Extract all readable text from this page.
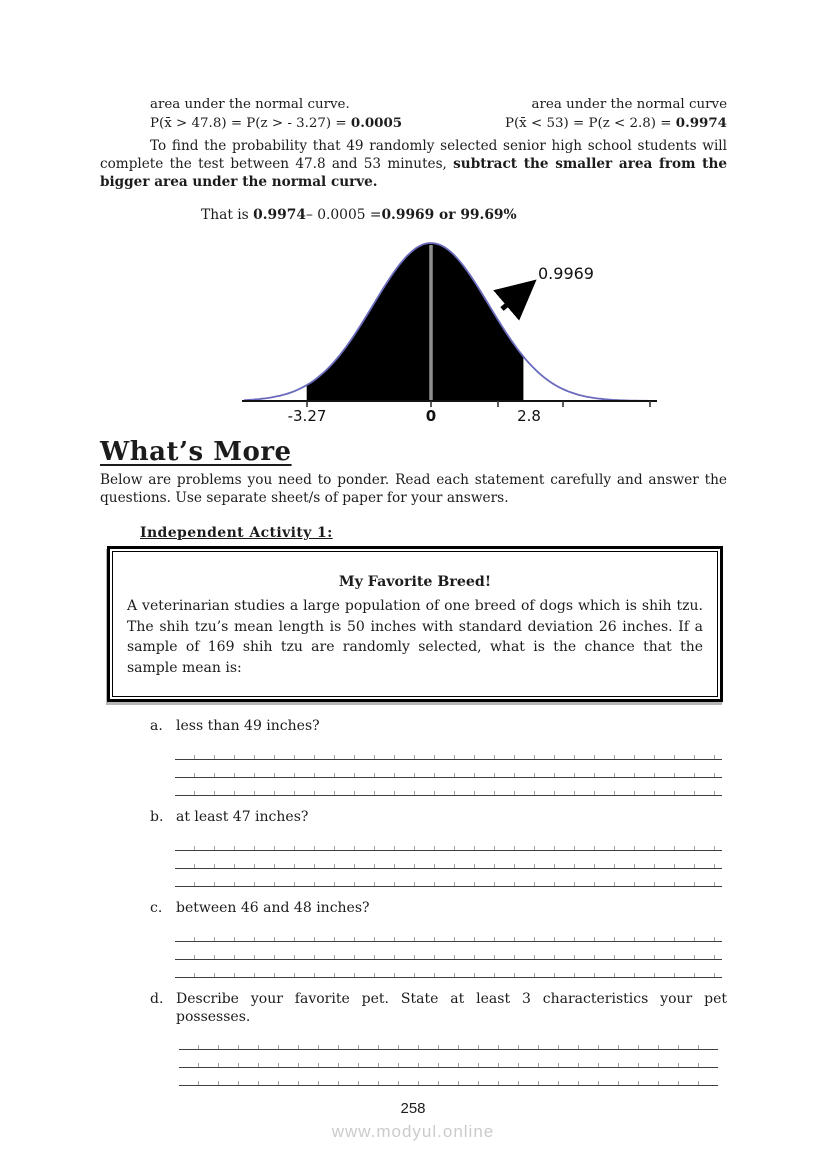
area under the normal curve.
P(x̄ > 47.8) = P(z > - 3.27) = 0.0005
area under the normal curve
P(x̄ < 53) = P(z < 2.8) = 0.9974

To find the probability that 49 randomly selected senior high school students will complete the test between 47.8 and 53 minutes, subtract the smaller area from the bigger area under the normal curve.

That is 0.9974– 0.0005 =0.9969 or 99.69%
-3.27	0	2.8
0.9969
What’s More

Below are problems you need to ponder. Read each statement carefully and answer the questions. Use separate sheet/s of paper for your answers.

Independent Activity 1:
My Favorite Breed!

A veterinarian studies a large population of one breed of dogs which is shih tzu. The shih tzu’s mean length is 50 inches with standard deviation 26 inches. If a sample of 169 shih tzu are randomly selected, what is the chance that the sample mean is:

a. less than 49 inches?
b. at least 47 inches?
c. between 46 and 48 inches?
d. Describe your favorite pet. State at least 3 characteristics your pet possesses.
258
www.modyul.online
